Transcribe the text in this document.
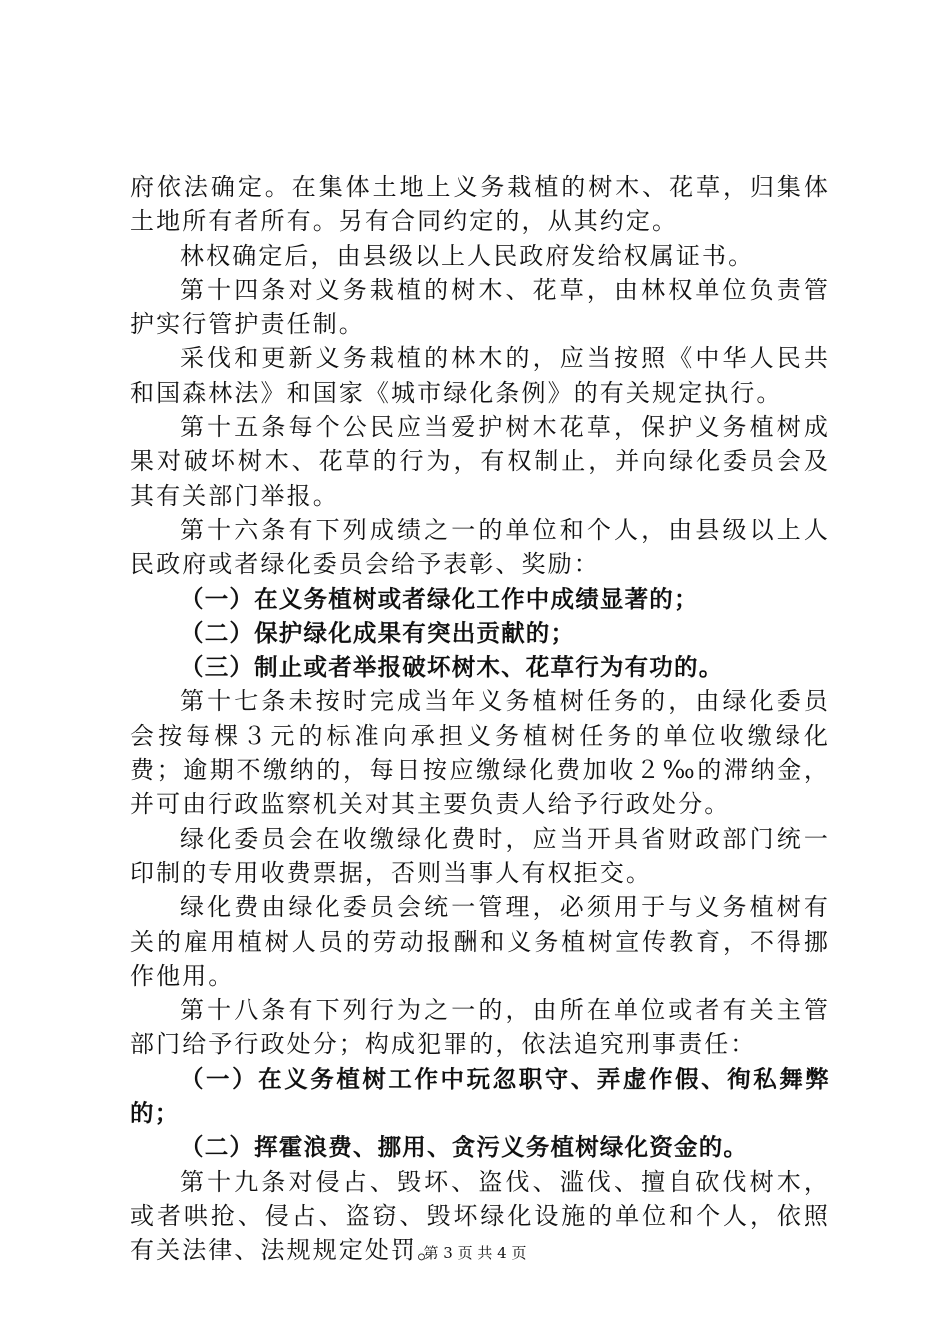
府依法确定。在集体土地上义务栽植的树木、花草，归集体土地所有者所有。另有合同约定的，从其约定。

林权确定后，由县级以上人民政府发给权属证书。

第十四条对义务栽植的树木、花草，由林权单位负责管护实行管护责任制。

采伐和更新义务栽植的林木的，应当按照《中华人民共和国森林法》和国家《城市绿化条例》的有关规定执行。

第十五条每个公民应当爱护树木花草，保护义务植树成果对破坏树木、花草的行为，有权制止，并向绿化委员会及其有关部门举报。

第十六条有下列成绩之一的单位和个人，由县级以上人民政府或者绿化委员会给予表彰、奖励：

（一）在义务植树或者绿化工作中成绩显著的；

（二）保护绿化成果有突出贡献的；

（三）制止或者举报破坏树木、花草行为有功的。

第十七条未按时完成当年义务植树任务的，由绿化委员会按每棵３元的标准向承担义务植树任务的单位收缴绿化费；逾期不缴纳的，每日按应缴绿化费加收２‰的滞纳金，并可由行政监察机关对其主要负责人给予行政处分。

绿化委员会在收缴绿化费时，应当开具省财政部门统一印制的专用收费票据，否则当事人有权拒交。

绿化费由绿化委员会统一管理，必须用于与义务植树有关的雇用植树人员的劳动报酬和义务植树宣传教育，不得挪作他用。

第十八条有下列行为之一的，由所在单位或者有关主管部门给予行政处分；构成犯罪的，依法追究刑事责任：

（一）在义务植树工作中玩忽职守、弄虚作假、徇私舞弊的；

（二）挥霍浪费、挪用、贪污义务植树绿化资金的。

第十九条对侵占、毁坏、盗伐、滥伐、擅自砍伐树木，或者哄抢、侵占、盗窃、毁坏绿化设施的单位和个人，依照有关法律、法规规定处罚。

第 3 页 共 4 页
